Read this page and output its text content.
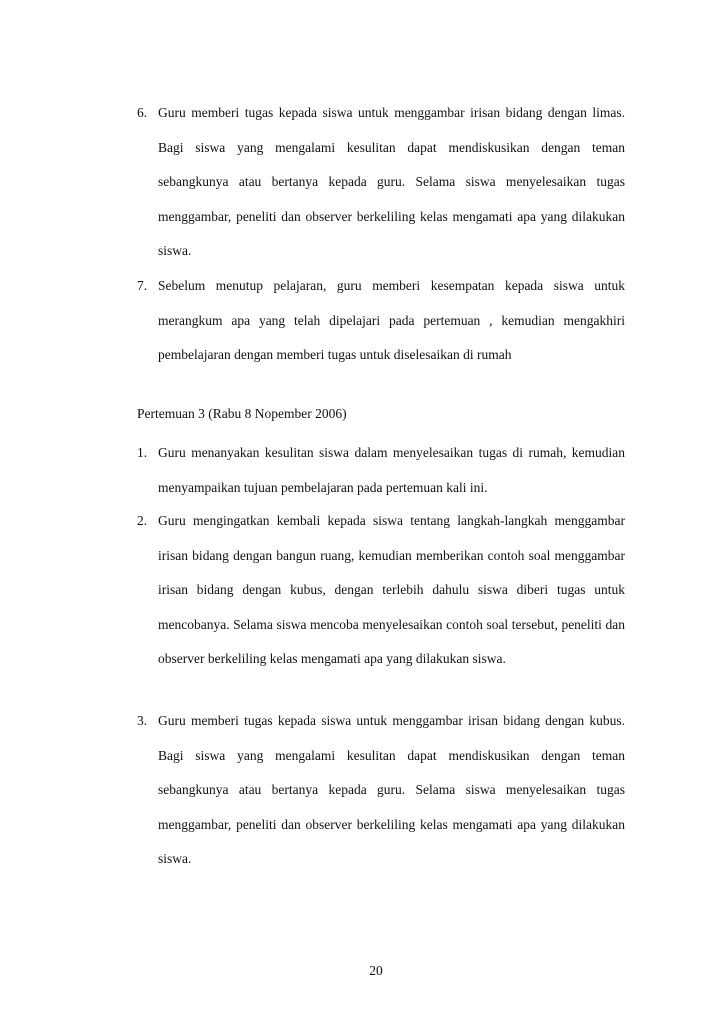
6. Guru memberi tugas kepada siswa untuk menggambar irisan bidang dengan limas. Bagi siswa yang mengalami kesulitan dapat mendiskusikan dengan teman sebangkunya atau bertanya kepada guru. Selama siswa menyelesaikan tugas menggambar, peneliti dan observer berkeliling kelas mengamati apa yang dilakukan siswa.
7. Sebelum menutup pelajaran, guru memberi kesempatan kepada siswa untuk merangkum apa yang telah dipelajari pada pertemuan , kemudian mengakhiri pembelajaran dengan memberi tugas untuk diselesaikan di rumah
Pertemuan 3 (Rabu 8 Nopember 2006)
1. Guru menanyakan kesulitan siswa dalam menyelesaikan tugas di rumah, kemudian menyampaikan tujuan pembelajaran pada pertemuan kali ini.
2. Guru mengingatkan kembali kepada siswa tentang langkah-langkah menggambar irisan bidang dengan bangun ruang, kemudian memberikan contoh soal menggambar irisan bidang dengan kubus, dengan terlebih dahulu siswa diberi tugas untuk mencobanya. Selama siswa mencoba menyelesaikan contoh soal tersebut, peneliti dan observer berkeliling kelas mengamati apa yang dilakukan siswa.
3. Guru memberi tugas kepada siswa untuk menggambar irisan bidang dengan kubus. Bagi siswa yang mengalami kesulitan dapat mendiskusikan dengan teman sebangkunya atau bertanya kepada guru. Selama siswa menyelesaikan tugas menggambar, peneliti dan observer berkeliling kelas mengamati apa yang dilakukan siswa.
20
